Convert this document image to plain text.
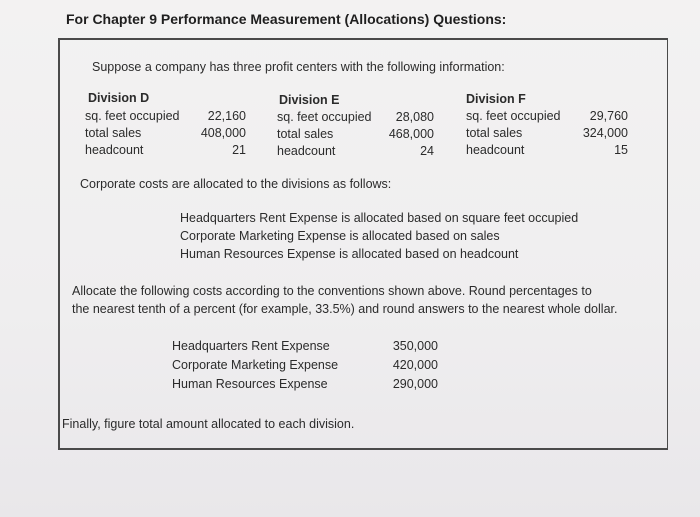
For Chapter 9 Performance Measurement (Allocations) Questions:
Suppose a company has three profit centers with the following information:
Division D
sq. feet occupied	22,160
total sales	408,000
headcount	21
Division E
sq. feet occupied	28,080
total sales	468,000
headcount	24
Division F
sq. feet occupied	29,760
total sales	324,000
headcount	15
Corporate costs are allocated to the divisions as follows:
Headquarters Rent Expense is allocated based on square feet occupied
Corporate Marketing Expense is allocated based on sales
Human Resources Expense is allocated based on headcount
Allocate the following costs according to the conventions shown above. Round percentages to
the nearest tenth of a percent (for example, 33.5%) and round answers to the nearest whole dollar.
Headquarters Rent Expense	350,000
Corporate Marketing Expense	420,000
Human Resources Expense	290,000
Finally, figure total amount allocated to each division.
